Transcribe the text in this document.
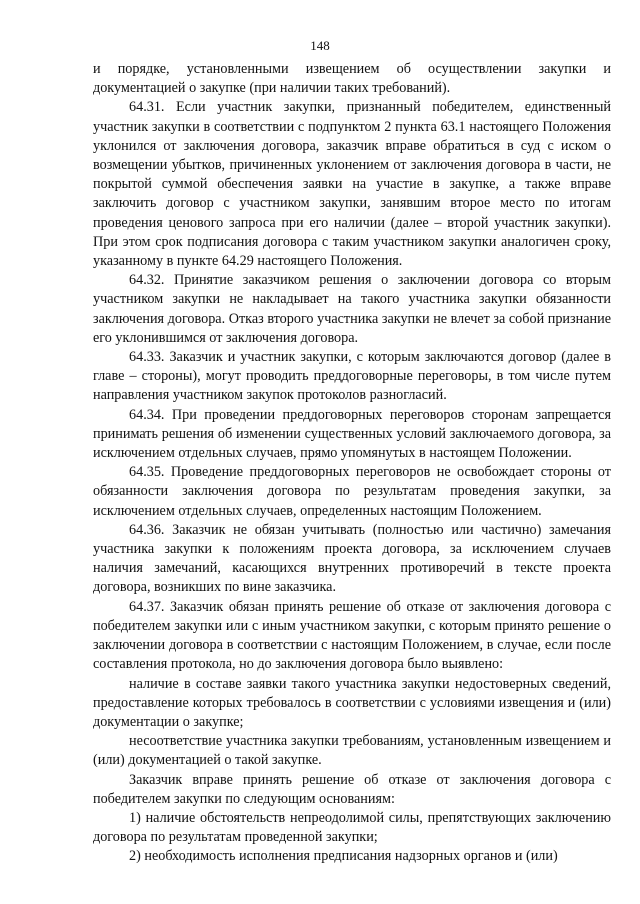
148

и порядке, установленными извещением об осуществлении закупки и документацией о закупке (при наличии таких требований).

64.31. Если участник закупки, признанный победителем, единственный участник закупки в соответствии с подпунктом 2 пункта 63.1 настоящего Положения уклонился от заключения договора, заказчик вправе обратиться в суд с иском о возмещении убытков, причиненных уклонением от заключения договора в части, не покрытой суммой обеспечения заявки на участие в закупке, а также вправе заключить договор с участником закупки, занявшим второе место по итогам проведения ценового запроса при его наличии (далее – второй участник закупки). При этом срок подписания договора с таким участником закупки аналогичен сроку, указанному в пункте 64.29 настоящего Положения.

64.32. Принятие заказчиком решения о заключении договора со вторым участником закупки не накладывает на такого участника закупки обязанности заключения договора. Отказ второго участника закупки не влечет за собой признание его уклонившимся от заключения договора.

64.33. Заказчик и участник закупки, с которым заключаются договор (далее в главе – стороны), могут проводить преддоговорные переговоры, в том числе путем направления участником закупок протоколов разногласий.

64.34. При проведении преддоговорных переговоров сторонам запрещается принимать решения об изменении существенных условий заключаемого договора, за исключением отдельных случаев, прямо упомянутых в настоящем Положении.

64.35. Проведение преддоговорных переговоров не освобождает стороны от обязанности заключения договора по результатам проведения закупки, за исключением отдельных случаев, определенных настоящим Положением.

64.36. Заказчик не обязан учитывать (полностью или частично) замечания участника закупки к положениям проекта договора, за исключением случаев наличия замечаний, касающихся внутренних противоречий в тексте проекта договора, возникших по вине заказчика.

64.37. Заказчик обязан принять решение об отказе от заключения договора с победителем закупки или с иным участником закупки, с которым принято решение о заключении договора в соответствии с настоящим Положением, в случае, если после составления протокола, но до заключения договора было выявлено:

наличие в составе заявки такого участника закупки недостоверных сведений, предоставление которых требовалось в соответствии с условиями извещения и (или) документации о закупке;

несоответствие участника закупки требованиям, установленным извещением и (или) документацией о такой закупке.

Заказчик вправе принять решение об отказе от заключения договора с победителем закупки по следующим основаниям:

1) наличие обстоятельств непреодолимой силы, препятствующих заключению договора по результатам проведенной закупки;

2) необходимость исполнения предписания надзорных органов и (или)
